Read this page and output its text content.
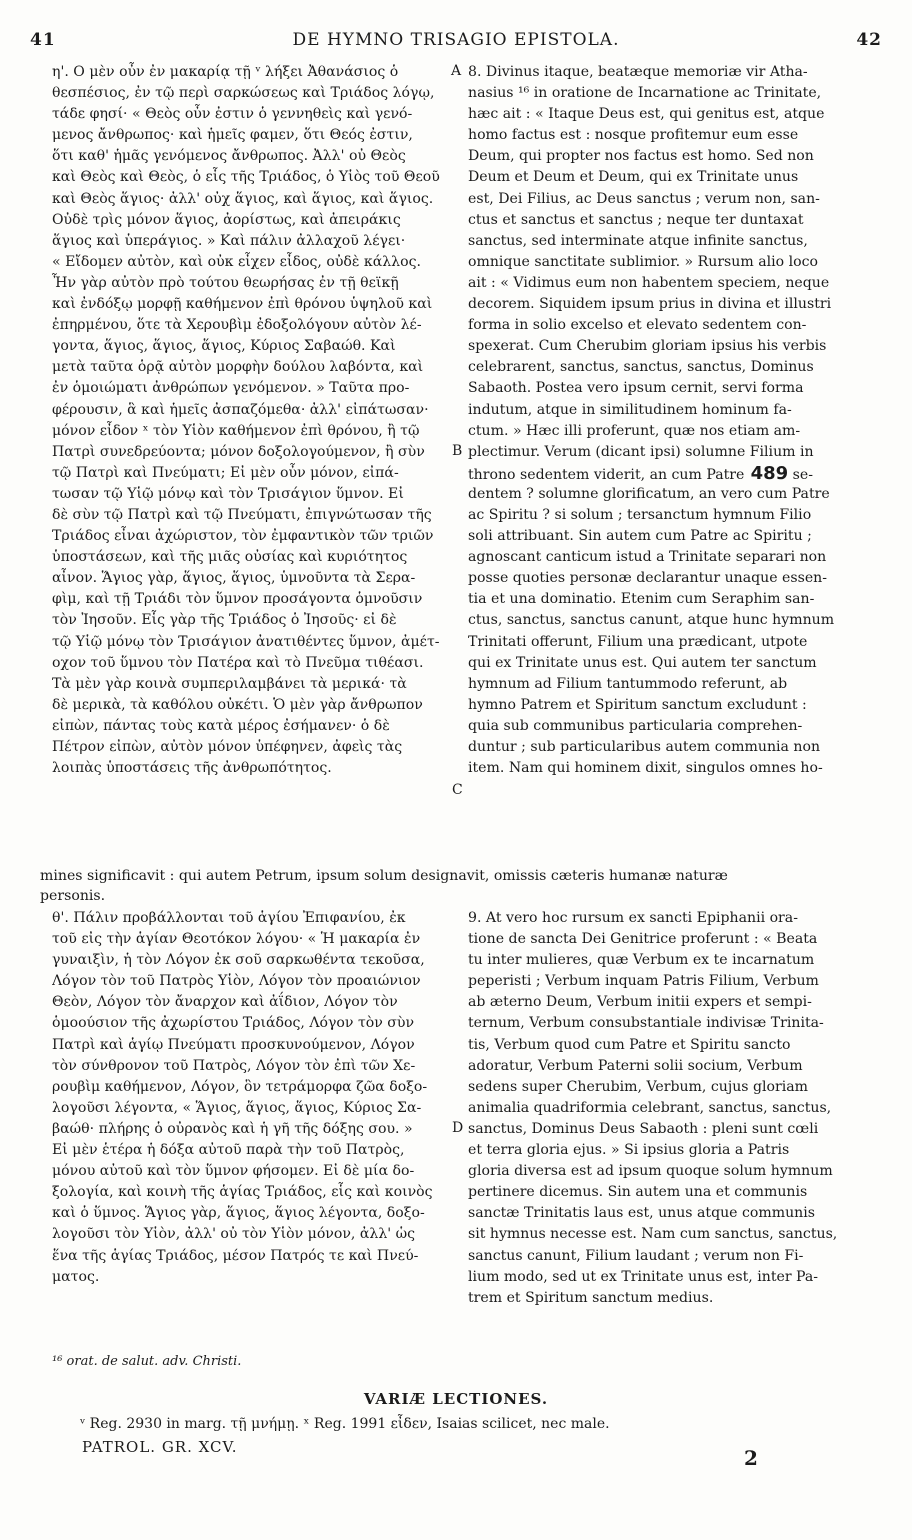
41	DE HYMNO TRISAGIO EPISTOLA.	42
η'. Ο μὲν οὖν ἐν μακαρίᾳ τῇ ᵛ λήξει Ἀθανάσιος ὁ
θεσπέσιος, ἐν τῷ περὶ σαρκώσεως καὶ Τριάδος λόγῳ,
τάδε φησί· « Θεὸς οὖν ἐστιν ὁ γεννηθεὶς καὶ γενό-
μενος ἄνθρωπος· καὶ ἡμεῖς φαμεν, ὅτι Θεός ἐστιν,
ὅτι καθ' ἡμᾶς γενόμενος ἄνθρωπος. Ἀλλ' οὐ Θεὸς
καὶ Θεὸς καὶ Θεὸς, ὁ εἷς τῆς Τριάδος, ὁ Υἱὸς τοῦ Θεοῦ
καὶ Θεὸς ἅγιος· ἀλλ' οὐχ ἅγιος, καὶ ἅγιος, καὶ ἅγιος.
Οὐδὲ τρὶς μόνον ἅγιος, ἀορίστως, καὶ ἀπειράκις
ἅγιος καὶ ὑπεράγιος. » Καὶ πάλιν ἀλλαχοῦ λέγει·
« Εἴδομεν αὐτὸν, καὶ οὐκ εἶχεν εἶδος, οὐδὲ κάλλος.
Ἦν γὰρ αὐτὸν πρὸ τούτου θεωρήσας ἐν τῇ θεϊκῇ
καὶ ἐνδόξῳ μορφῇ καθήμενον ἐπὶ θρόνου ὑψηλοῦ καὶ
ἐπηρμένου, ὅτε τὰ Χερουβὶμ ἐδοξολόγουν αὐτὸν λέ-
γοντα, ἅγιος, ἅγιος, ἅγιος, Κύριος Σαβαώθ. Καὶ
μετὰ ταῦτα ὁρᾷ αὐτὸν μορφὴν δούλου λαβόντα, καὶ
ἐν ὁμοιώματι ἀνθρώπων γενόμενον. » Ταῦτα προ-
φέρουσιν, ἃ καὶ ἡμεῖς ἀσπαζόμεθα· ἀλλ' εἰπάτωσαν·
μόνον εἶδον ˣ τὸν Υἱὸν καθήμενον ἐπὶ θρόνου, ἢ τῷ
Πατρὶ συνεδρεύοντα; μόνον δοξολογούμενον, ἢ σὺν
τῷ Πατρὶ καὶ Πνεύματι; Εἰ μὲν οὖν μόνον, εἰπά-
τωσαν τῷ Υἱῷ μόνῳ καὶ τὸν Τρισάγιον ὕμνον. Εἰ
δὲ σὺν τῷ Πατρὶ καὶ τῷ Πνεύματι, ἐπιγνώτωσαν τῆς
Τριάδος εἶναι ἀχώριστον, τὸν ἐμφαντικὸν τῶν τριῶν
ὑποστάσεων, καὶ τῆς μιᾶς οὐσίας καὶ κυριότητος
αἶνον. Ἅγιος γὰρ, ἅγιος, ἅγιος, ὑμνοῦντα τὰ Σερα-
φὶμ, καὶ τῇ Τριάδι τὸν ὕμνον προσάγοντα ὁμνοῦσιν
τὸν Ἰησοῦν. Εἷς γὰρ τῆς Τριάδος ὁ Ἰησοῦς· εἰ δὲ
τῷ Υἱῷ μόνῳ τὸν Τρισάγιον ἀνατιθέντες ὕμνον, ἀμέτ-
οχον τοῦ ὕμνου τὸν Πατέρα καὶ τὸ Πνεῦμα τιθέασι.
Τὰ μὲν γὰρ κοινὰ συμπεριλαμβάνει τὰ μερικά· τὰ
δὲ μερικὰ, τὰ καθόλου οὐκέτι. Ὁ μὲν γὰρ ἄνθρωπον
εἰπὼν, πάντας τοὺς κατὰ μέρος ἐσήμανεν· ὁ δὲ
Πέτρον εἰπὼν, αὐτὸν μόνον ὑπέφηνεν, ἀφεὶς τὰς
λοιπὰς ὑποστάσεις τῆς ἀνθρωπότητος.
8. Divinus itaque, beatæque memoriæ vir Atha-
nasius ¹⁶ in oratione de Incarnatione ac Trinitate,
hæc ait : « Itaque Deus est, qui genitus est, atque
homo factus est : nosque profitemur eum esse
Deum, qui propter nos factus est homo. Sed non
Deum et Deum et Deum, qui ex Trinitate unus
est, Dei Filius, ac Deus sanctus ; verum non, san-
ctus et sanctus et sanctus ; neque ter duntaxat
sanctus, sed interminate atque infinite sanctus,
omnique sanctitate sublimior. » Rursum alio loco
ait : « Vidimus eum non habentem speciem, neque
decorem. Siquidem ipsum prius in divina et illustri
forma in solio excelso et elevato sedentem con-
spexerat. Cum Cherubim gloriam ipsius his verbis
celebrarent, sanctus, sanctus, sanctus, Dominus
Sabaoth. Postea vero ipsum cernit, servi forma
indutum, atque in similitudinem hominum fa-
ctum. » Hæc illi proferunt, quæ nos etiam am-
plectimur. Verum (dicant ipsi) solumne Filium in
throno sedentem viderit, an cum Patre 489 se-
dentem ? solumne glorificatum, an vero cum Patre
ac Spiritu ? si solum ; tersanctum hymnum Filio
soli attribuant. Sin autem cum Patre ac Spiritu ;
agnoscant canticum istud a Trinitate separari non
posse quoties personæ declarantur unaque essen-
tia et una dominatio. Etenim cum Seraphim san-
ctus, sanctus, sanctus canunt, atque hunc hymnum
Trinitati offerunt, Filium una prædicant, utpote
qui ex Trinitate unus est. Qui autem ter sanctum
hymnum ad Filium tantummodo referunt, ab
hymno Patrem et Spiritum sanctum excludunt :
quia sub communibus particularia comprehen-
duntur ; sub particularibus autem communia non
item. Nam qui hominem dixit, singulos omnes ho-
A
B
C
D
mines significavit : qui autem Petrum, ipsum solum designavit, omissis cæteris humanæ naturæ
personis.
θ'. Πάλιν προβάλλονται τοῦ ἁγίου Ἐπιφανίου, ἐκ
τοῦ εἰς τὴν ἁγίαν Θεοτόκον λόγου· « Ἡ μακαρία ἐν
γυναιξὶν, ἡ τὸν Λόγον ἐκ σοῦ σαρκωθέντα τεκοῦσα,
Λόγον τὸν τοῦ Πατρὸς Υἱὸν, Λόγον τὸν προαιώνιον
Θεὸν, Λόγον τὸν ἄναρχον καὶ ἀΐδιον, Λόγον τὸν
ὁμοούσιον τῆς ἀχωρίστου Τριάδος, Λόγον τὸν σὺν
Πατρὶ καὶ ἁγίῳ Πνεύματι προσκυνούμενον, Λόγον
τὸν σύνθρονον τοῦ Πατρὸς, Λόγον τὸν ἐπὶ τῶν Χε-
ρουβὶμ καθήμενον, Λόγον, ὃν τετράμορφα ζῶα δοξο-
λογοῦσι λέγοντα, « Ἅγιος, ἅγιος, ἅγιος, Κύριος Σα-
βαώθ· πλήρης ὁ οὐρανὸς καὶ ἡ γῆ τῆς δόξης σου. »
Εἰ μὲν ἑτέρα ἡ δόξα αὐτοῦ παρὰ τὴν τοῦ Πατρὸς,
μόνου αὐτοῦ καὶ τὸν ὕμνον φήσομεν. Εἰ δὲ μία δο-
ξολογία, καὶ κοινὴ τῆς ἁγίας Τριάδος, εἷς καὶ κοινὸς
καὶ ὁ ὕμνος. Ἅγιος γὰρ, ἅγιος, ἅγιος λέγοντα, δοξο-
λογοῦσι τὸν Υἱὸν, ἀλλ' οὐ τὸν Υἱὸν μόνον, ἀλλ' ὡς
ἕνα τῆς ἁγίας Τριάδος, μέσον Πατρός τε καὶ Πνεύ-
ματος.
9. At vero hoc rursum ex sancti Epiphanii ora-
tione de sancta Dei Genitrice proferunt : « Beata
tu inter mulieres, quæ Verbum ex te incarnatum
peperisti ; Verbum inquam Patris Filium, Verbum
ab æterno Deum, Verbum initii expers et sempi-
ternum, Verbum consubstantiale indivisæ Trinita-
tis, Verbum quod cum Patre et Spiritu sancto
adoratur, Verbum Paterni solii socium, Verbum
sedens super Cherubim, Verbum, cujus gloriam
animalia quadriformia celebrant, sanctus, sanctus,
sanctus, Dominus Deus Sabaoth : pleni sunt cœli
et terra gloria ejus. » Si ipsius gloria a Patris
gloria diversa est ad ipsum quoque solum hymnum
pertinere dicemus. Sin autem una et communis
sanctæ Trinitatis laus est, unus atque communis
sit hymnus necesse est. Nam cum sanctus, sanctus,
sanctus canunt, Filium laudant ; verum non Fi-
lium modo, sed ut ex Trinitate unus est, inter Pa-
trem et Spiritum sanctum medius.
¹⁶ orat. de salut. adv. Christi.
VARIÆ LECTIONES.
ᵛ Reg. 2930 in marg. τῇ μνήμῃ. ˣ Reg. 1991 εἶδεν, Isaias scilicet, nec male.
PATROL. GR. XCV.	2
